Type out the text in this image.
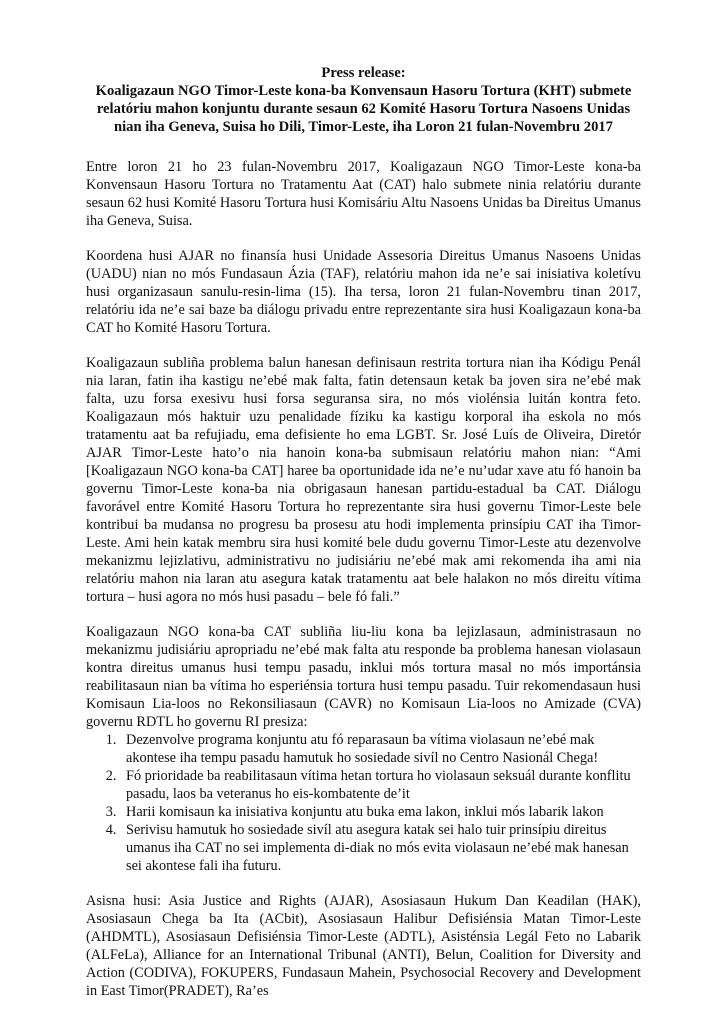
Press release:
Koaligazaun NGO Timor-Leste kona-ba Konvensaun Hasoru Tortura (KHT) submete relatóriu mahon konjuntu durante sesaun 62 Komité Hasoru Tortura Nasoens Unidas nian iha Geneva, Suisa ho Dili, Timor-Leste, iha Loron 21 fulan-Novembru 2017

Entre loron 21 ho 23 fulan-Novembru 2017, Koaligazaun NGO Timor-Leste kona-ba Konvensaun Hasoru Tortura no Tratamentu Aat (CAT) halo submete ninia relatóriu durante sesaun 62 husi Komité Hasoru Tortura husi Komisáriu Altu Nasoens Unidas ba Direitus Umanus iha Geneva, Suisa.

Koordena husi AJAR no finansía husi Unidade Assesoria Direitus Umanus Nasoens Unidas (UADU) nian no mós Fundasaun Ázia (TAF), relatóriu mahon ida ne’e sai inisiativa koletívu husi organizasaun sanulu-resin-lima (15). Iha tersa, loron 21 fulan-Novembru tinan 2017, relatóriu ida ne’e sai baze ba diálogu privadu entre reprezentante sira husi Koaligazaun kona-ba CAT ho Komité Hasoru Tortura.

Koaligazaun subliña problema balun hanesan definisaun restrita tortura nian iha Kódigu Penál nia laran, fatin iha kastigu ne’ebé mak falta, fatin detensaun ketak ba joven sira ne’ebé mak falta, uzu forsa exesivu husi forsa seguransa sira, no mós violénsia luitán kontra feto. Koaligazaun mós haktuir uzu penalidade fíziku ka kastigu korporal iha eskola no mós tratamentu aat ba refujiadu, ema defisiente ho ema LGBT. Sr. José Luís de Oliveira, Diretór AJAR Timor-Leste hato’o nia hanoin kona-ba submisaun relatóriu mahon nian: “Ami [Koaligazaun NGO kona-ba CAT] haree ba oportunidade ida ne’e nu’udar xave atu fó hanoin ba governu Timor-Leste kona-ba nia obrigasaun hanesan partidu-estadual ba CAT. Diálogu favorável entre Komité Hasoru Tortura ho reprezentante sira husi governu Timor-Leste bele kontribui ba mudansa no progresu ba prosesu atu hodi implementa prinsípiu CAT iha Timor-Leste. Ami hein katak membru sira husi komité bele dudu governu Timor-Leste atu dezenvolve mekanizmu lejizlativu, administrativu no judisiáriu ne’ebé mak ami rekomenda iha ami nia relatóriu mahon nia laran atu asegura katak tratamentu aat bele halakon no mós direitu vítima tortura – husi agora no mós husi pasadu – bele fó fali.”

Koaligazaun NGO kona-ba CAT subliña liu-liu kona ba lejizlasaun, administrasaun no mekanizmu judisiáriu apropriadu ne’ebé mak falta atu responde ba problema hanesan violasaun kontra direitus umanus husi tempu pasadu, inklui mós tortura masal no mós importánsia reabilitasaun nian ba vítima ho esperiénsia tortura husi tempu pasadu. Tuir rekomendasaun husi Komisaun Lia-loos no Rekonsiliasaun (CAVR) no Komisaun Lia-loos no Amizade (CVA) governu RDTL ho governu RI presiza:

1. Dezenvolve programa konjuntu atu fó reparasaun ba vítima violasaun ne’ebé mak akontese iha tempu pasadu hamutuk ho sosiedade sivíl no Centro Nasionál Chega!
2. Fó prioridade ba reabilitasaun vítima hetan tortura ho violasaun seksuál durante konflitu pasadu, laos ba veteranus ho eis-kombatente de’it
3. Harii komisaun ka inisiativa konjuntu atu buka ema lakon, inklui mós labarik lakon
4. Serivisu hamutuk ho sosiedade sivíl atu asegura katak sei halo tuir prinsípiu direitus umanus iha CAT no sei implementa di-diak no mós evita violasaun ne’ebé mak hanesan sei akontese fali iha futuru.

Asisna husi: Asia Justice and Rights (AJAR), Asosiasaun Hukum Dan Keadilan (HAK), Asosiasaun Chega ba Ita (ACbit), Asosiasaun Halibur Defisiénsia Matan Timor-Leste (AHDMTL), Asosiasaun Defisiénsia Timor-Leste (ADTL), Asisténsia Legál Feto no Labarik (ALFeLa), Alliance for an International Tribunal (ANTI), Belun, Coalition for Diversity and Action (CODIVA), FOKUPERS, Fundasaun Mahein, Psychosocial Recovery and Development in East Timor(PRADET), Ra’es
